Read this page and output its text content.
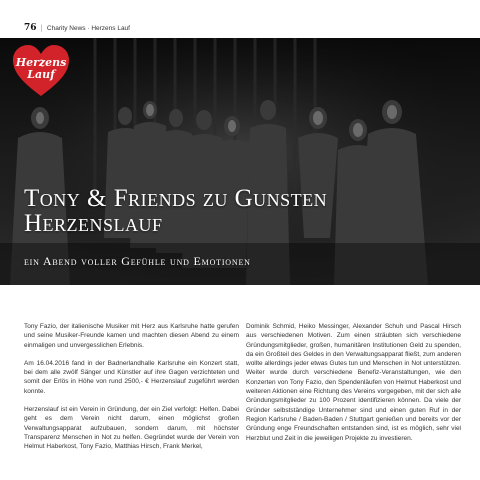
76 | Charity News · Herzens Lauf
Herzens
Lauf
Tony & Friends zu Gunsten
Herzenslauf
ein Abend voller Gefühle und Emotionen

Tony Fazio, der italienische Musiker mit Herz aus Karlsruhe hatte gerufen und seine Musiker-Freunde kamen und machten diesen Abend zu einem einmaligen und unvergesslichen Erlebnis.

Am 16.04.2016 fand in der Badnerlandhalle Karlsruhe ein Konzert statt, bei dem alle zwölf Sänger und Künstler auf ihre Gagen verzichteten und somit der Erlös in Höhe von rund 2500,- € Herzenslauf zugeführt werden konnte.

Herzenslauf ist ein Verein in Gründung, der ein Ziel verfolgt: Helfen. Dabei geht es dem Verein nicht darum, einen möglichst großen Verwaltungsapparat aufzubauen, sondern darum, mit höchster Transparenz Menschen in Not zu helfen. Gegründet wurde der Verein von Helmut Haberkost, Tony Fazio, Matthias Hirsch, Frank Merkel,

Dominik Schmid, Heiko Messinger, Alexander Schuh und Pascal Hirsch aus verschiedenen Motiven. Zum einen sträubten sich verschiedene Gründungsmitglieder, großen, humanitären Institutionen Geld zu spenden, da ein Großteil des Geldes in den Verwaltungsapparat fließt, zum anderen wollte allerdings jeder etwas Gutes tun und Menschen in Not unterstützen. Weiter wurde durch verschiedene Benefiz-Veranstaltungen, wie den Konzerten von Tony Fazio, den Spendenläufen von Helmut Haberkost und weiteren Aktionen eine Richtung des Vereins vorgegeben, mit der sich alle Gründungsmitglieder zu 100 Prozent identifizieren können. Da viele der Gründer selbstständige Unternehmer sind und einen guten Ruf in der Region Karlsruhe / Baden-Baden / Stuttgart genießen und bereits vor der Gründung enge Freundschaften entstanden sind, ist es möglich, sehr viel Herzblut und Zeit in die jeweiligen Projekte zu investieren.
